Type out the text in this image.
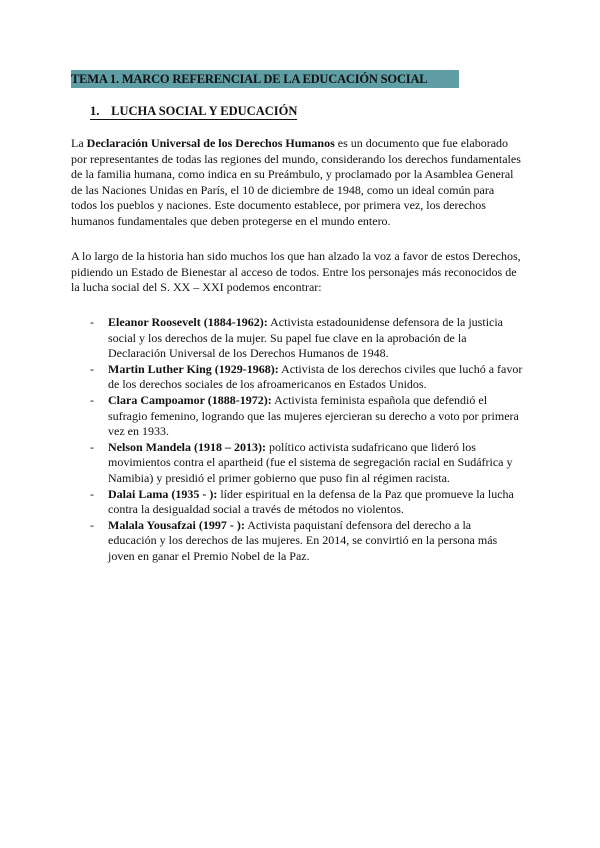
TEMA 1. MARCO REFERENCIAL DE LA EDUCACIÓN SOCIAL
1. LUCHA SOCIAL Y EDUCACIÓN
La Declaración Universal de los Derechos Humanos es un documento que fue elaborado
por representantes de todas las regiones del mundo, considerando los derechos fundamentales
de la familia humana, como indica en su Preámbulo, y proclamado por la Asamblea General
de las Naciones Unidas en París, el 10 de diciembre de 1948, como un ideal común para
todos los pueblos y naciones. Este documento establece, por primera vez, los derechos
humanos fundamentales que deben protegerse en el mundo entero.
A lo largo de la historia han sido muchos los que han alzado la voz a favor de estos Derechos,
pidiendo un Estado de Bienestar al acceso de todos. Entre los personajes más reconocidos de
la lucha social del S. XX – XXI podemos encontrar:
- Eleanor Roosevelt (1884-1962): Activista estadounidense defensora de la justicia
social y los derechos de la mujer. Su papel fue clave en la aprobación de la
Declaración Universal de los Derechos Humanos de 1948.
- Martin Luther King (1929-1968): Activista de los derechos civiles que luchó a favor
de los derechos sociales de los afroamericanos en Estados Unidos.
- Clara Campoamor (1888-1972): Activista feminista española que defendió el
sufragio femenino, logrando que las mujeres ejercieran su derecho a voto por primera
vez en 1933.
- Nelson Mandela (1918 – 2013): político activista sudafricano que lideró los
movimientos contra el apartheid (fue el sistema de segregación racial en Sudáfrica y
Namibia) y presidió el primer gobierno que puso fin al régimen racista.
- Dalai Lama (1935 - ): líder espiritual en la defensa de la Paz que promueve la lucha
contra la desigualdad social a través de métodos no violentos.
- Malala Yousafzai (1997 - ): Activista paquistaní defensora del derecho a la
educación y los derechos de las mujeres. En 2014, se convirtió en la persona más
joven en ganar el Premio Nobel de la Paz.
